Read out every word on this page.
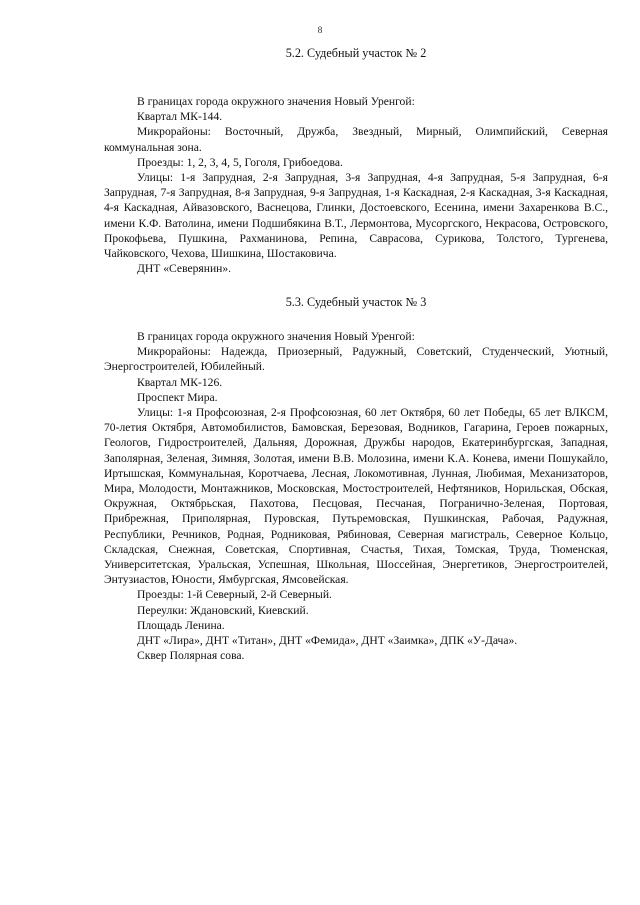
8
5.2. Судебный участок № 2

В границах города окружного значения Новый Уренгой:

Квартал МК-144.

Микрорайоны: Восточный, Дружба, Звездный, Мирный, Олимпийский, Северная коммунальная зона.

Проезды: 1, 2, 3, 4, 5, Гоголя, Грибоедова.

Улицы: 1-я Запрудная, 2-я Запрудная, 3-я Запрудная, 4-я Запрудная, 5-я Запрудная, 6-я Запрудная, 7-я Запрудная, 8-я Запрудная, 9-я Запрудная, 1-я Каскадная, 2-я Каскадная, 3-я Каскадная, 4-я Каскадная, Айвазовского, Васнецова, Глинки, Достоевского, Есенина, имени Захаренкова В.С., имени К.Ф. Ватолина, имени Подшибякина В.Т., Лермонтова, Мусоргского, Некрасова, Островского, Прокофьева, Пушкина, Рахманинова, Репина, Саврасова, Сурикова, Толстого, Тургенева, Чайковского, Чехова, Шишкина, Шостаковича.

ДНТ «Северянин».

5.3. Судебный участок № 3

В границах города окружного значения Новый Уренгой:

Микрорайоны: Надежда, Приозерный, Радужный, Советский, Студенческий, Уютный, Энергостроителей, Юбилейный.

Квартал МК-126.

Проспект Мира.

Улицы: 1-я Профсоюзная, 2-я Профсоюзная, 60 лет Октября, 60 лет Победы, 65 лет ВЛКСМ, 70-летия Октября, Автомобилистов, Бамовская, Березовая, Водников, Гагарина, Героев пожарных, Геологов, Гидростроителей, Дальняя, Дорожная, Дружбы народов, Екатеринбургская, Западная, Заполярная, Зеленая, Зимняя, Золотая, имени В.В. Молозина, имени К.А. Конева, имени Пошукайло, Иртышская, Коммунальная, Коротчаева, Лесная, Локомотивная, Лунная, Любимая, Механизаторов, Мира, Молодости, Монтажников, Московская, Мостостроителей, Нефтяников, Норильская, Обская, Окружная, Октябрьская, Пахотова, Песцовая, Песчаная, Погранично-Зеленая, Портовая, Прибрежная, Приполярная, Пуровская, Путьремовская, Пушкинская, Рабочая, Радужная, Республики, Речников, Родная, Родниковая, Рябиновая, Северная магистраль, Северное Кольцо, Складская, Снежная, Советская, Спортивная, Счастья, Тихая, Томская, Труда, Тюменская, Университетская, Уральская, Успешная, Школьная, Шоссейная, Энергетиков, Энергостроителей, Энтузиастов, Юности, Ямбургская, Ямсовейская.

Проезды: 1-й Северный, 2-й Северный.

Переулки: Ждановский, Киевский.

Площадь Ленина.

ДНТ «Лира», ДНТ «Титан», ДНТ «Фемида», ДНТ «Заимка», ДПК «У-Дача».

Сквер Полярная сова.
